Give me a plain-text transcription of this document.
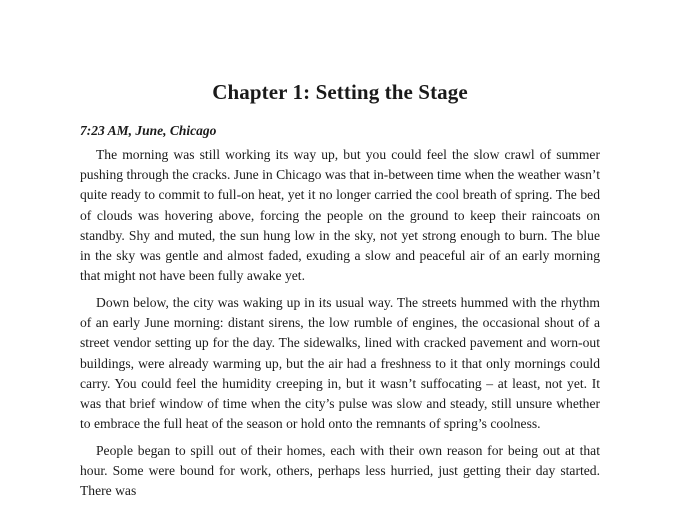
Chapter 1: Setting the Stage

7:23 AM, June, Chicago

The morning was still working its way up, but you could feel the slow crawl of summer pushing through the cracks. June in Chicago was that in-between time when the weather wasn’t quite ready to commit to full-on heat, yet it no longer carried the cool breath of spring. The bed of clouds was hovering above, forcing the people on the ground to keep their raincoats on standby. Shy and muted, the sun hung low in the sky, not yet strong enough to burn. The blue in the sky was gentle and almost faded, exuding a slow and peaceful air of an early morning that might not have been fully awake yet.

Down below, the city was waking up in its usual way. The streets hummed with the rhythm of an early June morning: distant sirens, the low rumble of engines, the occasional shout of a street vendor setting up for the day. The sidewalks, lined with cracked pavement and worn-out buildings, were already warming up, but the air had a freshness to it that only mornings could carry. You could feel the humidity creeping in, but it wasn’t suffocating – at least, not yet. It was that brief window of time when the city’s pulse was slow and steady, still unsure whether to embrace the full heat of the season or hold onto the remnants of spring’s coolness.

People began to spill out of their homes, each with their own reason for being out at that hour. Some were bound for work, others, perhaps less hurried, just getting their day started. There was
